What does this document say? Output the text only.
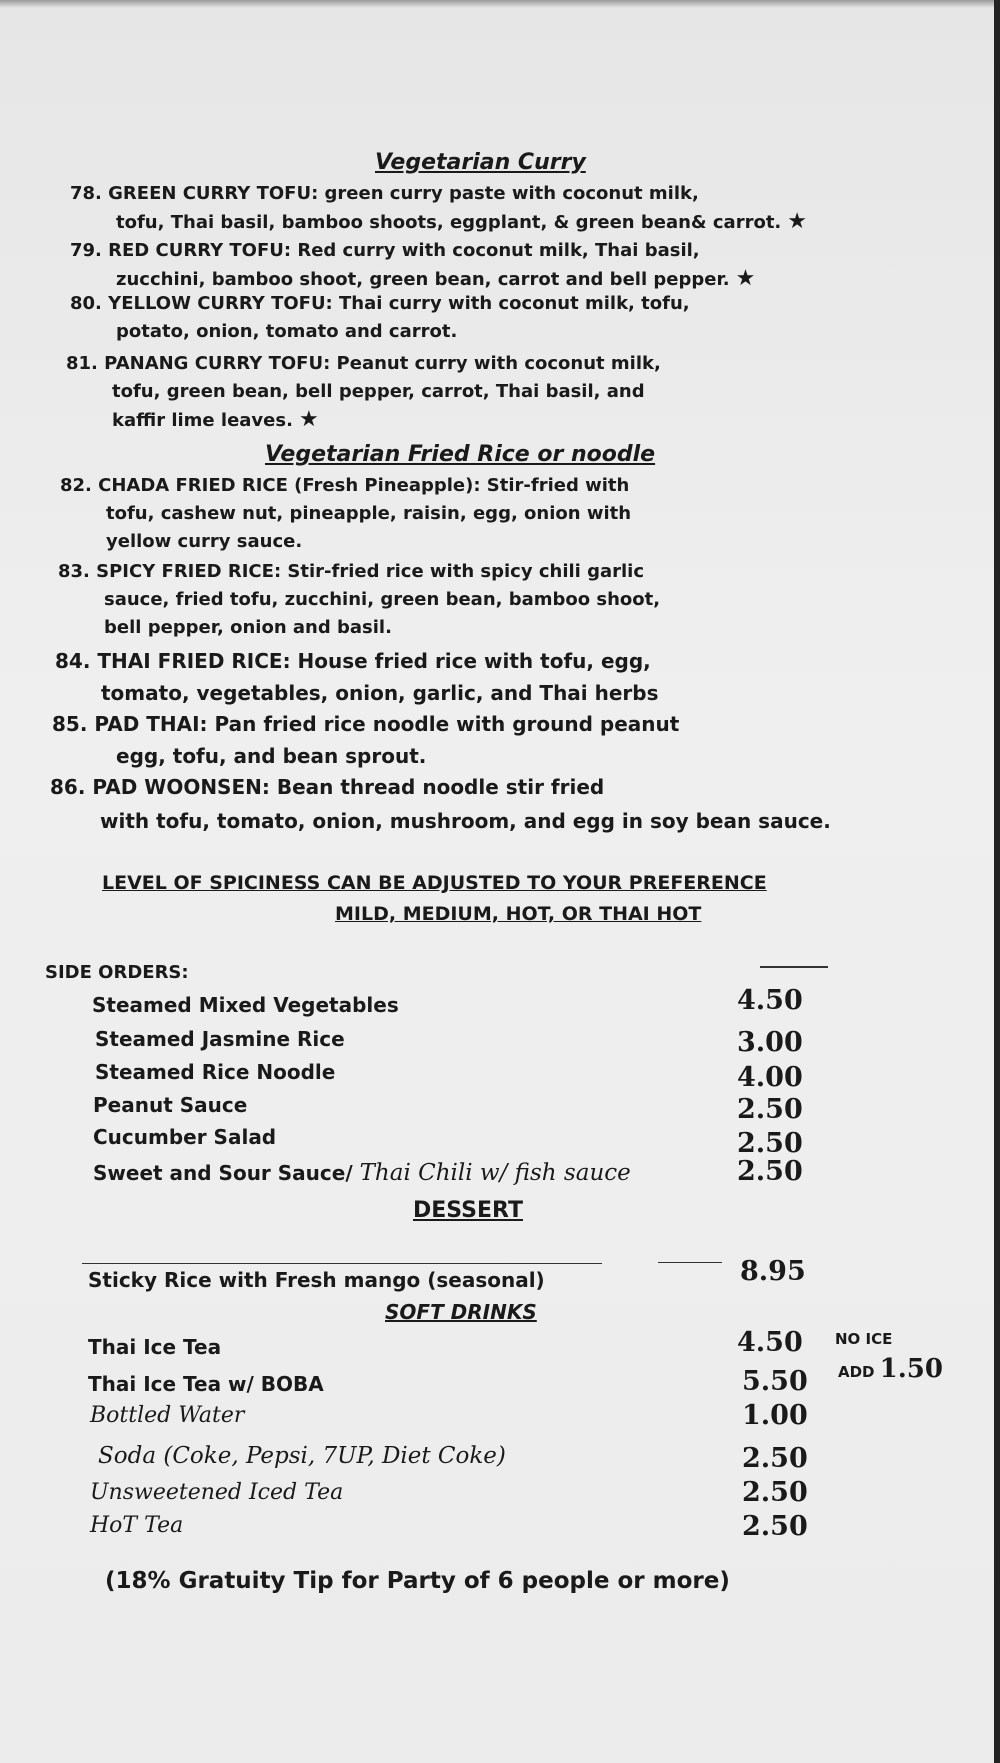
Vegetarian Curry
78. GREEN CURRY TOFU: green curry paste with coconut milk,
tofu, Thai basil, bamboo shoots, eggplant, & green bean& carrot. ★
79. RED CURRY TOFU: Red curry with coconut milk, Thai basil,
zucchini, bamboo shoot, green bean, carrot and bell pepper. ★
80. YELLOW CURRY TOFU: Thai curry with coconut milk, tofu,
potato, onion, tomato and carrot.
81. PANANG CURRY TOFU: Peanut curry with coconut milk,
tofu, green bean, bell pepper, carrot, Thai basil, and
kaffir lime leaves. ★
Vegetarian Fried Rice or noodle
82. CHADA FRIED RICE (Fresh Pineapple): Stir-fried with
tofu, cashew nut, pineapple, raisin, egg, onion with
yellow curry sauce.
83. SPICY FRIED RICE: Stir-fried rice with spicy chili garlic
sauce, fried tofu, zucchini, green bean, bamboo shoot,
bell pepper, onion and basil.
84. THAI FRIED RICE: House fried rice with tofu, egg,
tomato, vegetables, onion, garlic, and Thai herbs
85. PAD THAI: Pan fried rice noodle with ground peanut
egg, tofu, and bean sprout.
86. PAD WOONSEN: Bean thread noodle stir fried
with tofu, tomato, onion, mushroom, and egg in soy bean sauce.
LEVEL OF SPICINESS CAN BE ADJUSTED TO YOUR PREFERENCE
MILD, MEDIUM, HOT, OR THAI HOT
SIDE ORDERS:
Steamed Mixed Vegetables	4.50
Steamed Jasmine Rice	3.00
Steamed Rice Noodle	4.00
Peanut Sauce	2.50
Cucumber Salad	2.50
Sweet and Sour Sauce/ Thai Chili w/ fish sauce	2.50
DESSERT
Sticky Rice with Fresh mango (seasonal)	8.95
SOFT DRINKS
Thai Ice Tea	4.50 NO ICE
Thai Ice Tea w/ BOBA	5.50 ADD 1.50
Bottled Water	1.00
Soda (Coke, Pepsi, 7UP, Diet Coke)	2.50
Unsweetened Iced Tea	2.50
HoT Tea	2.50
(18% Gratuity Tip for Party of 6 people or more)
